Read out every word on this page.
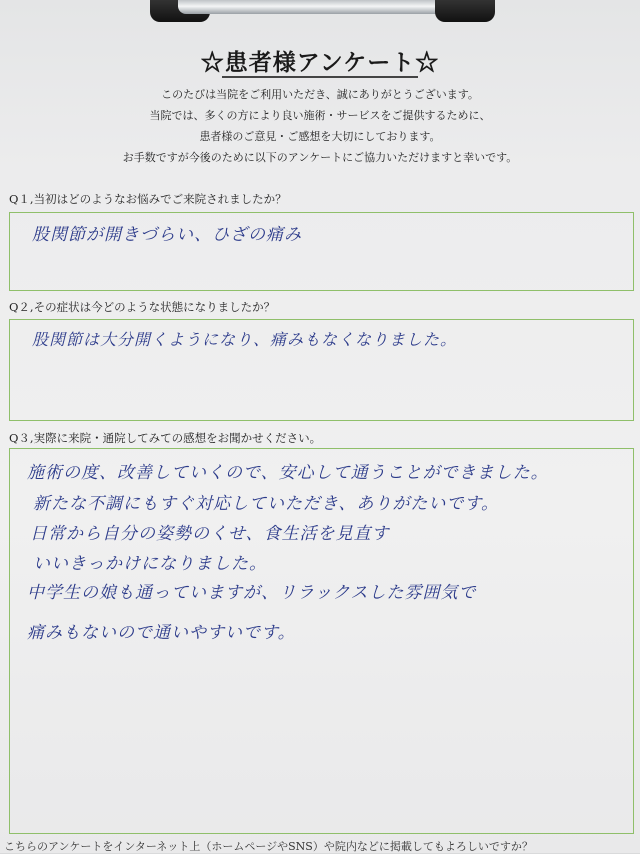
☆患者様アンケート☆
このたびは当院をご利用いただき、誠にありがとうございます。
当院では、多くの方により良い施術・サービスをご提供するために、
患者様のご意見・ご感想を大切にしております。
お手数ですが今後のために以下のアンケートにご協力いただけますと幸いです。
Q１,当初はどのようなお悩みでご来院されましたか？
股関節が開きづらい、ひざの痛み
Q２,その症状は今どのような状態になりましたか？
股関節は大分開くようになり、痛みもなくなりました。
Q３,実際に来院・通院してみての感想をお聞かせください。
施術の度、改善していくので、安心して通うことができました。
新たな不調にもすぐ対応していただき、ありがたいです。
日常から自分の姿勢のくせ、食生活を見直す
いいきっかけになりました。
中学生の娘も通っていますが、リラックスした雰囲気で
痛みもないので通いやすいです。
こちらのアンケートをインターネット上（ホームページやSNS）や院内などに掲載してもよろしいですか？
